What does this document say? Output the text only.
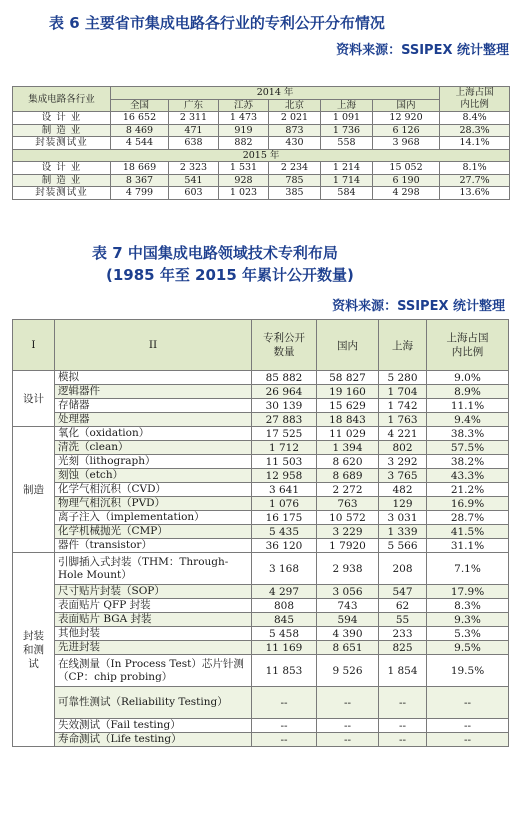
表 6 主要省市集成电路各行业的专利公开分布情况
资料来源：SSIPEX 统计整理
集成电路各行业	2014 年						上海占国
内比例

	全国	广东	江苏	北京	上海	国内	
设 计 业	16 652	2 311	1 473	2 021	1 091	12 920	8.4%
制 造 业	8 469	471	919	873	1 736	6 126	28.3%
封装测试业	4 544	638	882	430	558	3 968	14.1%
2015 年							
设 计 业	18 669	2 323	1 531	2 234	1 214	15 052	8.1%
制 造 业	8 367	541	928	785	1 714	6 190	27.7%
封装测试业	4 799	603	1 023	385	584	4 298	13.6%
表 7 中国集成电路领域技术专利布局
(1985 年至 2015 年累计公开数量)
资料来源：SSIPEX 统计整理
I	II	专利公开
数量	国内	上海	上海占国
内比例

设计	模拟	85 882	58 827	5 280	9.0%
	逻辑器件	26 964	19 160	1 704	8.9%
	存储器	30 139	15 629	1 742	11.1%
	处理器	27 883	18 843	1 763	9.4%
制造	氧化（oxidation）	17 525	11 029	4 221	38.3%
	清洗（clean）	1 712	1 394	802	57.5%
	光刻（lithograph）	11 503	8 620	3 292	38.2%
	刻蚀（etch）	12 958	8 689	3 765	43.3%
	化学气相沉积（CVD）	3 641	2 272	482	21.2%
	物理气相沉积（PVD）	1 076	763	129	16.9%
	离子注入（implementation）	16 175	10 572	3 031	28.7%
	化学机械抛光（CMP）	5 435	3 229	1 339	41.5%
	器件（transistor）	36 120	1 7920	5 566	31.1%
封装和测试	引脚插入式封装（THM：Through-Hole Mount）	3 168	2 938	208	7.1%
	尺寸贴片封装（SOP）	4 297	3 056	547	17.9%
	表面贴片 QFP 封装	808	743	62	8.3%
	表面贴片 BGA 封装	845	594	55	9.3%
	其他封装	5 458	4 390	233	5.3%
	先进封装	11 169	8 651	825	9.5%
	在线测量（In Process Test）芯片针测（CP：chip probing）	11 853	9 526	1 854	19.5%
	可靠性测试（Reliability Testing）	--	--	--	--
	失效测试（Fail testing）	--	--	--	--
	寿命测试（Life testing）	--	--	--	--
